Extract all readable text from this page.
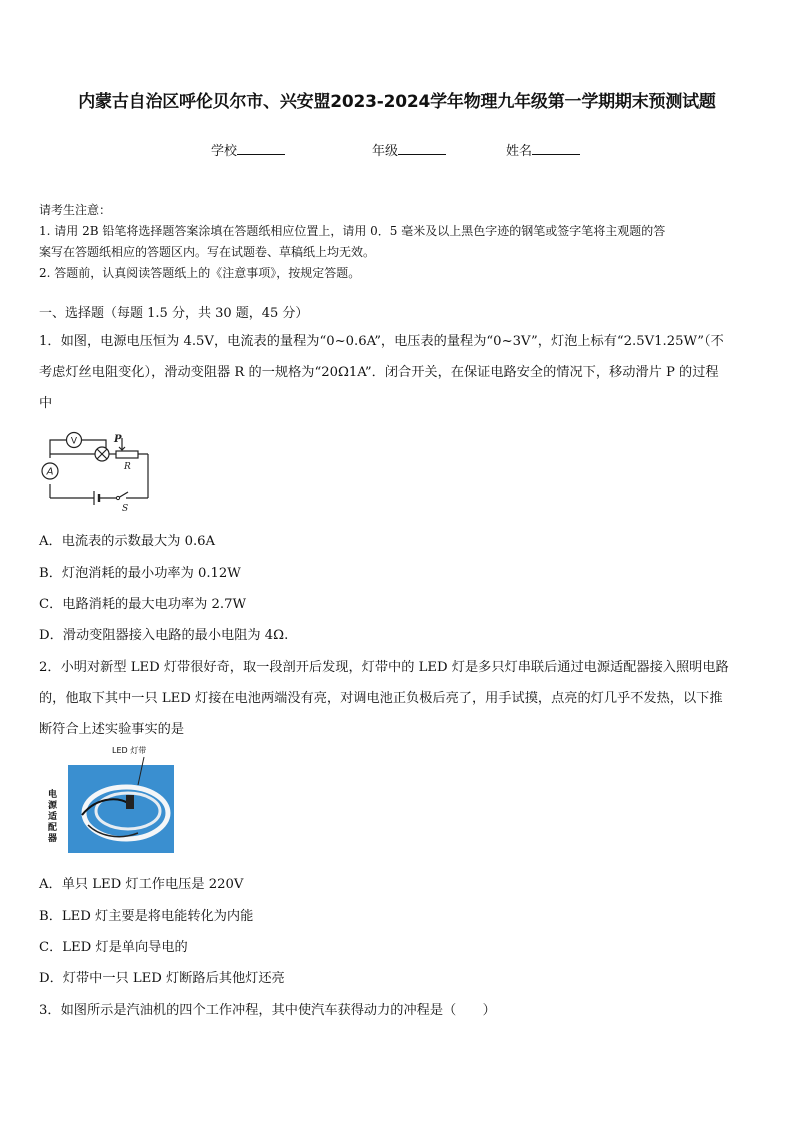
内蒙古自治区呼伦贝尔市、兴安盟2023-2024学年物理九年级第一学期期末预测试题
学校	年级	姓名
请考生注意：
1. 请用 2B 铅笔将选择题答案涂填在答题纸相应位置上，请用 0．5 毫米及以上黑色字迹的钢笔或签字笔将主观题的答
案写在答题纸相应的答题区内。写在试题卷、草稿纸上均无效。
2. 答题前，认真阅读答题纸上的《注意事项》，按规定答题。
一、选择题（每题 1.5 分，共 30 题，45 分）
1．如图，电源电压恒为 4.5V，电流表的量程为“0~0.6A”，电压表的量程为“0~3V”，灯泡上标有“2.5V1.25W”（不
考虑灯丝电阻变化），滑动变阻器 R 的一规格为“20Ω1A”．闭合开关，在保证电路安全的情况下，移动滑片 P 的过程
中
V	P
R
A
S
A．电流表的示数最大为 0.6A
B．灯泡消耗的最小功率为 0.12W
C．电路消耗的最大电功率为 2.7W
D．滑动变阻器接入电路的最小电阻为 4Ω.
2．小明对新型 LED 灯带很好奇，取一段剖开后发现，灯带中的 LED 灯是多只灯串联后通过电源适配器接入照明电路
的，他取下其中一只 LED 灯接在电池两端没有亮，对调电池正负极后亮了，用手试摸，点亮的灯几乎不发热，以下推
断符合上述实验事实的是
LED 灯带
电源适配器
A．单只 LED 灯工作电压是 220V
B．LED 灯主要是将电能转化为内能
C．LED 灯是单向导电的
D．灯带中一只 LED 灯断路后其他灯还亮
3．如图所示是汽油机的四个工作冲程，其中使汽车获得动力的冲程是（　　）
